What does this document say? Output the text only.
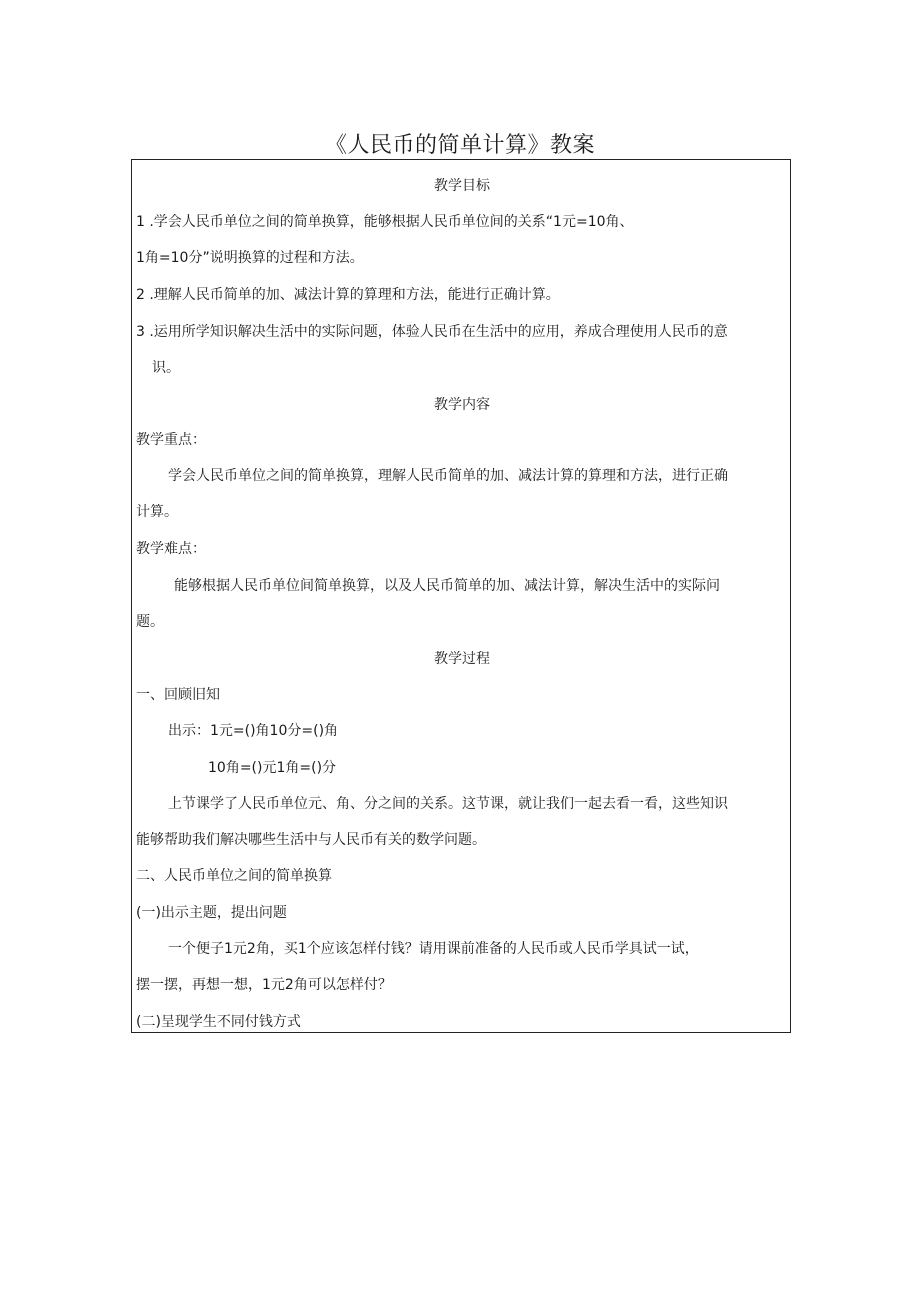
《人民币的简单计算》教案
教学目标
1 .学会人民币单位之间的简单换算，能够根据人民币单位间的关系“1元=10角、
1角=10分”说明换算的过程和方法。
2 .理解人民币简单的加、减法计算的算理和方法，能进行正确计算。
3 .运用所学知识解决生活中的实际问题，体验人民币在生活中的应用，养成合理使用人民币的意
识。
教学内容
教学重点：
学会人民币单位之间的简单换算，理解人民币简单的加、减法计算的算理和方法，进行正确
计算。
教学难点：
能够根据人民币单位间简单换算，以及人民币简单的加、减法计算，解决生活中的实际问
题。
教学过程
一、回顾旧知
出示：1元=()角10分=()角
10角=()元1角=()分
上节课学了人民币单位元、角、分之间的关系。这节课，就让我们一起去看一看，这些知识
能够帮助我们解决哪些生活中与人民币有关的数学问题。
二、人民币单位之间的简单换算
(一)出示主题，提出问题
一个便子1元2角，买1个应该怎样付钱？请用课前准备的人民币或人民币学具试一试，
摆一摆，再想一想，1元2角可以怎样付？
(二)呈现学生不同付钱方式
